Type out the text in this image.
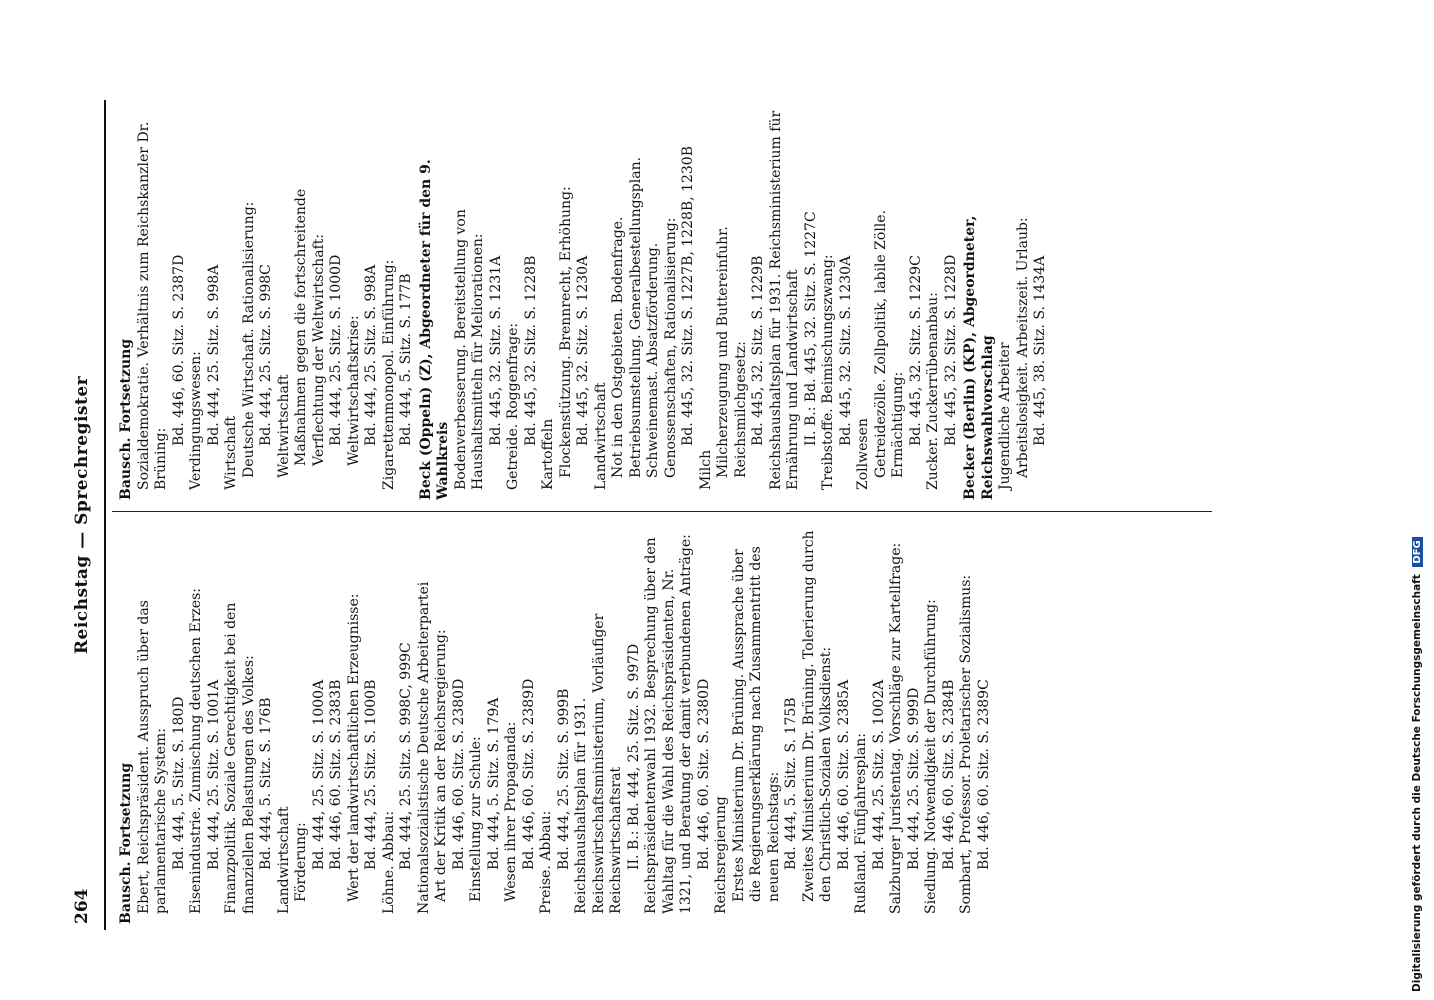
264
Reichstag — Sprechregister

Bausch. Fortsetzung Ebert, Reichspräsident. Ausspruch über das parlamentarische System: Bd. 444, 5. Sitz. S. 180D Eisenindustrie. Zumischung deutschen Erzes: Bd. 444, 25. Sitz. S. 1001A Finanzpolitik. Soziale Gerechtigkeit bei den finanziellen Belastungen des Volkes: Bd. 444, 5. Sitz. S. 176B Landwirtschaft Förderung: Bd. 444, 25. Sitz. S. 1000A Bd. 446, 60. Sitz. S. 2383B Wert der landwirtschaftlichen Erzeugnisse: Bd. 444, 25. Sitz. S. 1000B Löhne. Abbau: Bd. 444, 25. Sitz. S. 998C, 999C Nationalsozialistische Deutsche Arbeiterpartei Art der Kritik an der Reichsregierung: Bd. 446, 60. Sitz. S. 2380D Einstellung zur Schule: Bd. 444, 5. Sitz. S. 179A Wesen ihrer Propaganda: Bd. 446, 60. Sitz. S. 2389D Preise. Abbau: Bd. 444, 25. Sitz. S. 999B Reichshaushaltsplan für 1931. Reichswirtschaftsministerium, Vorläufiger Reichswirtschaftsrat II. B.: Bd. 444, 25. Sitz. S. 997D Reichspräsidentenwahl 1932. Besprechung über den Wahltag für die Wahl des Reichspräsidenten, Nr. 1321, und Beratung der damit verbundenen Anträge: Bd. 446, 60. Sitz. S. 2380D Reichsregierung Erstes Ministerium Dr. Brüning. Aussprache über die Regierungserklärung nach Zusammentritt des neuen Reichstags: Bd. 444, 5. Sitz. S. 175B Zweites Ministerium Dr. Brüning. Tolerierung durch den Christlich-Sozialen Volksdienst: Bd. 446, 60. Sitz. S. 2385A Rußland. Fünfjahresplan: Bd. 444, 25. Sitz. S. 1002A Salzburger Juristentag. Vorschläge zur Kartellfrage: Bd. 444, 25. Sitz. S. 999D Siedlung. Notwendigkeit der Durchführung: Bd. 446, 60. Sitz. S. 2384B Sombart, Professor. Proletarischer Sozialismus: Bd. 446, 60. Sitz. S. 2389C

Bausch. Fortsetzung Sozialdemokratie. Verhältnis zum Reichskanzler Dr. Brüning:

Bd. 446, 60. Sitz. S. 2387D Verdingungswesen: Bd. 444, 25. Sitz. S. 998A

Wirtschaft Deutsche Wirtschaft. Rationalisierung: Bd. 444, 25. Sitz. S. 998C Weltwirtschaft Maßnahmen gegen die fortschreitende Verflechtung der Weltwirtschaft: Bd. 444, 25. Sitz. S. 1000D Weltwirtschaftskrise: Bd. 444, 25. Sitz. S. 998A Zigarettenmonopol. Einführung: Bd. 444, 5. Sitz. S. 177B Beck (Oppeln) (Z), Abgeordneter für den 9. Wahlkreis Bodenverbesserung. Bereitstellung von Haushaltsmitteln für Meliorationen: Bd. 445, 32. Sitz. S. 1231A Getreide. Roggenfrage: Bd. 445, 32. Sitz. S. 1228B

Kartoffeln Flockenstützung. Brennrecht, Erhöhung: Bd. 445, 32. Sitz. S. 1230A Landwirtschaft Not in den Ostgebieten. Bodenfrage. Betriebsumstellung. Generalbestellungsplan. Schweinemast. Absatzförderung. Genossenschaften, Rationalisierung: Bd. 445, 32. Sitz. S. 1227B, 1228B, 1230B

Milch Milcherzeugung und Buttereinfuhr. Reichsmilchgesetz: Bd. 445, 32. Sitz. S. 1229B Reichshaushaltsplan für 1931. Reichsministerium für Ernährung und Landwirtschaft II. B.: Bd. 445, 32. Sitz. S. 1227C Treibstoffe. Beimischungszwang: Bd. 445, 32. Sitz. S. 1230A

Zollwesen Getreidezölle. Zollpolitik, labile Zölle. Ermächtigung: Bd. 445, 32. Sitz. S. 1229C Zucker. Zuckerrübenanbau: Bd. 445, 32. Sitz. S. 1228D Becker (Berlin) (KP), Abgeordneter, Reichswahlvorschlag Jugendliche Arbeiter Arbeitslosigkeit. Arbeitszeit. Urlaub: Bd. 445, 38. Sitz. S. 1434A

Digitalisierung gefördert durch die Deutsche Forschungsgemeinschaft DFG
